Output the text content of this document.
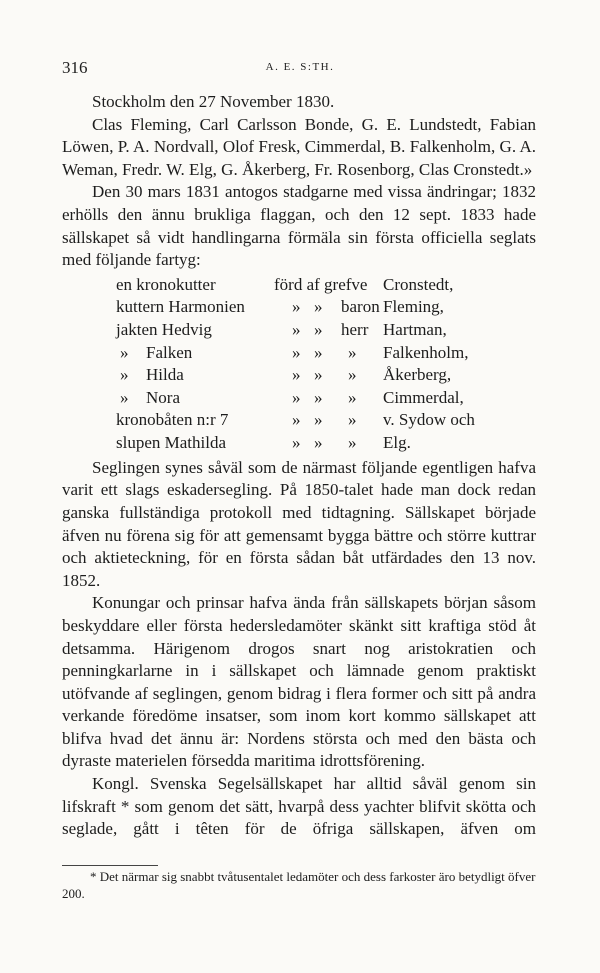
316	A. E. S:TH.

Stockholm den 27 November 1830.

Clas Fleming, Carl Carlsson Bonde, G. E. Lundstedt, Fabian Löwen, P. A. Nordvall, Olof Fresk, Cimmerdal, B. Falkenholm, G. A. Weman, Fredr. W. Elg, G. Åkerberg, Fr. Rosenborg, Clas Cronstedt.»

Den 30 mars 1831 antogos stadgarne med vissa ändringar; 1832 erhölls den ännu brukliga flaggan, och den 12 sept. 1833 hade sällskapet så vidt handlingarna förmäla sin första officiella seglats med följande fartyg:

en kronokutter	förd af grefve Cronstedt,
kuttern Harmonien	» » baron Fleming,
jakten Hedvig	» » herr Hartman,
» Falken	» » » Falkenholm,
» Hilda	» » » Åkerberg,
» Nora	» » » Cimmerdal,
kronobåten n:r 7	» » » v. Sydow och
slupen Mathilda	» » » Elg.

Seglingen synes såväl som de närmast följande egentligen hafva varit ett slags eskadersegling. På 1850-talet hade man dock redan ganska fullständiga protokoll med tidtagning. Sällskapet började äfven nu förena sig för att gemensamt bygga bättre och större kuttrar och aktieteckning, för en första sådan båt utfärdades den 13 nov. 1852.

Konungar och prinsar hafva ända från sällskapets början såsom beskyddare eller första hedersledamöter skänkt sitt kraftiga stöd åt detsamma. Härigenom drogos snart nog aristokratien och penningkarlarne in i sällskapet och lämnade genom praktiskt utöfvande af seglingen, genom bidrag i flera former och sitt på andra verkande föredöme insatser, som inom kort kommo sällskapet att blifva hvad det ännu är: Nordens största och med den bästa och dyraste materielen försedda maritima idrottsförening.

Kongl. Svenska Segelsällskapet har alltid såväl genom sin lifskraft * som genom det sätt, hvarpå dess yachter blifvit skötta och seglade, gått i têten för de öfriga sällskapen, äfven om

* Det närmar sig snabbt tvåtusentalet ledamöter och dess farkoster äro betydligt öfver 200.
